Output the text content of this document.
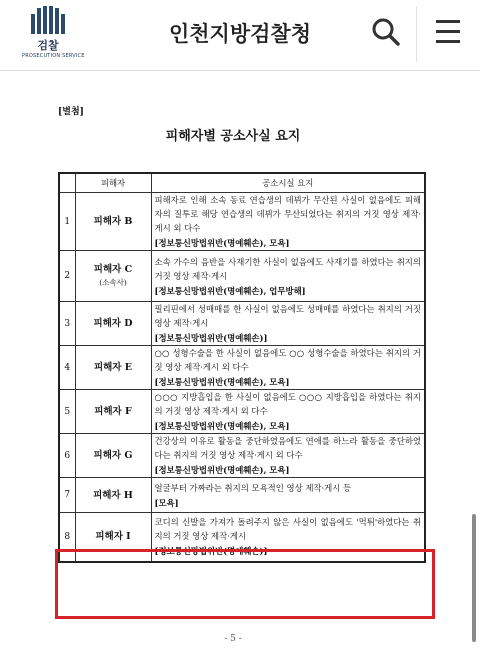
검찰
PROSECUTION SERVICE
인천지방검찰청
[별첨]
피해자별 공소사실 요지
	피해자	공소시실 요지
1	피해자 B	피해자로 인해 소속 동료 연습생의 데뷔가 무산된 사실이 없음에도 피해자의 질투로 해당 연습생의 데뷔가 무산되었다는 취지의 거짓 영상 제작·게시 외 다수
[정보통신망법위반(명예훼손), 모욕]

2	피해자 C
(소속사)	소속 가수의 음반을 사재기한 사실이 없음에도 사재기를 하였다는 취지의 거짓 영상 제작·게시
[정보통신망법위반(명예훼손), 업무방해]

3	피해자 D	필리핀에서 성매매를 한 사실이 없음에도 성매매를 하였다는 취지의 거짓 영상 제작·게시
[정보통신망법위반(명예훼손)]

4	피해자 E	○○ 성형수술을 한 사실이 없음에도 ○○ 성형수술을 하였다는 취지의 거짓 영상 제작·게시 외 다수
[정보통신망법위반(명예훼손), 모욕]

5	피해자 F	○○○ 지방흡입을 한 사실이 없음에도 ○○○ 지방흡입을 하였다는 취지의 거짓 영상 제작·게시 외 다수
[정보통신망법위반(명예훼손), 모욕]

6	피해자 G	건강상의 이유로 활동을 중단하였음에도 연애를 하느라 활동을 중단하였다는 취지의 거짓 영상 제작·게시 외 다수
[정보통신망법위반(명예훼손), 모욕]

7	피해자 H	얼굴부터 가짜라는 취지의 모욕적인 영상 제작·게시 등
[모욕]

8	피해자 I	코디의 신발을 가져가 돌려주지 않은 사실이 없음에도 '먹튀'하였다는 취지의 거짓 영상 제작·게시
[정보통신망법위반(명예훼손)]
- 5 -
